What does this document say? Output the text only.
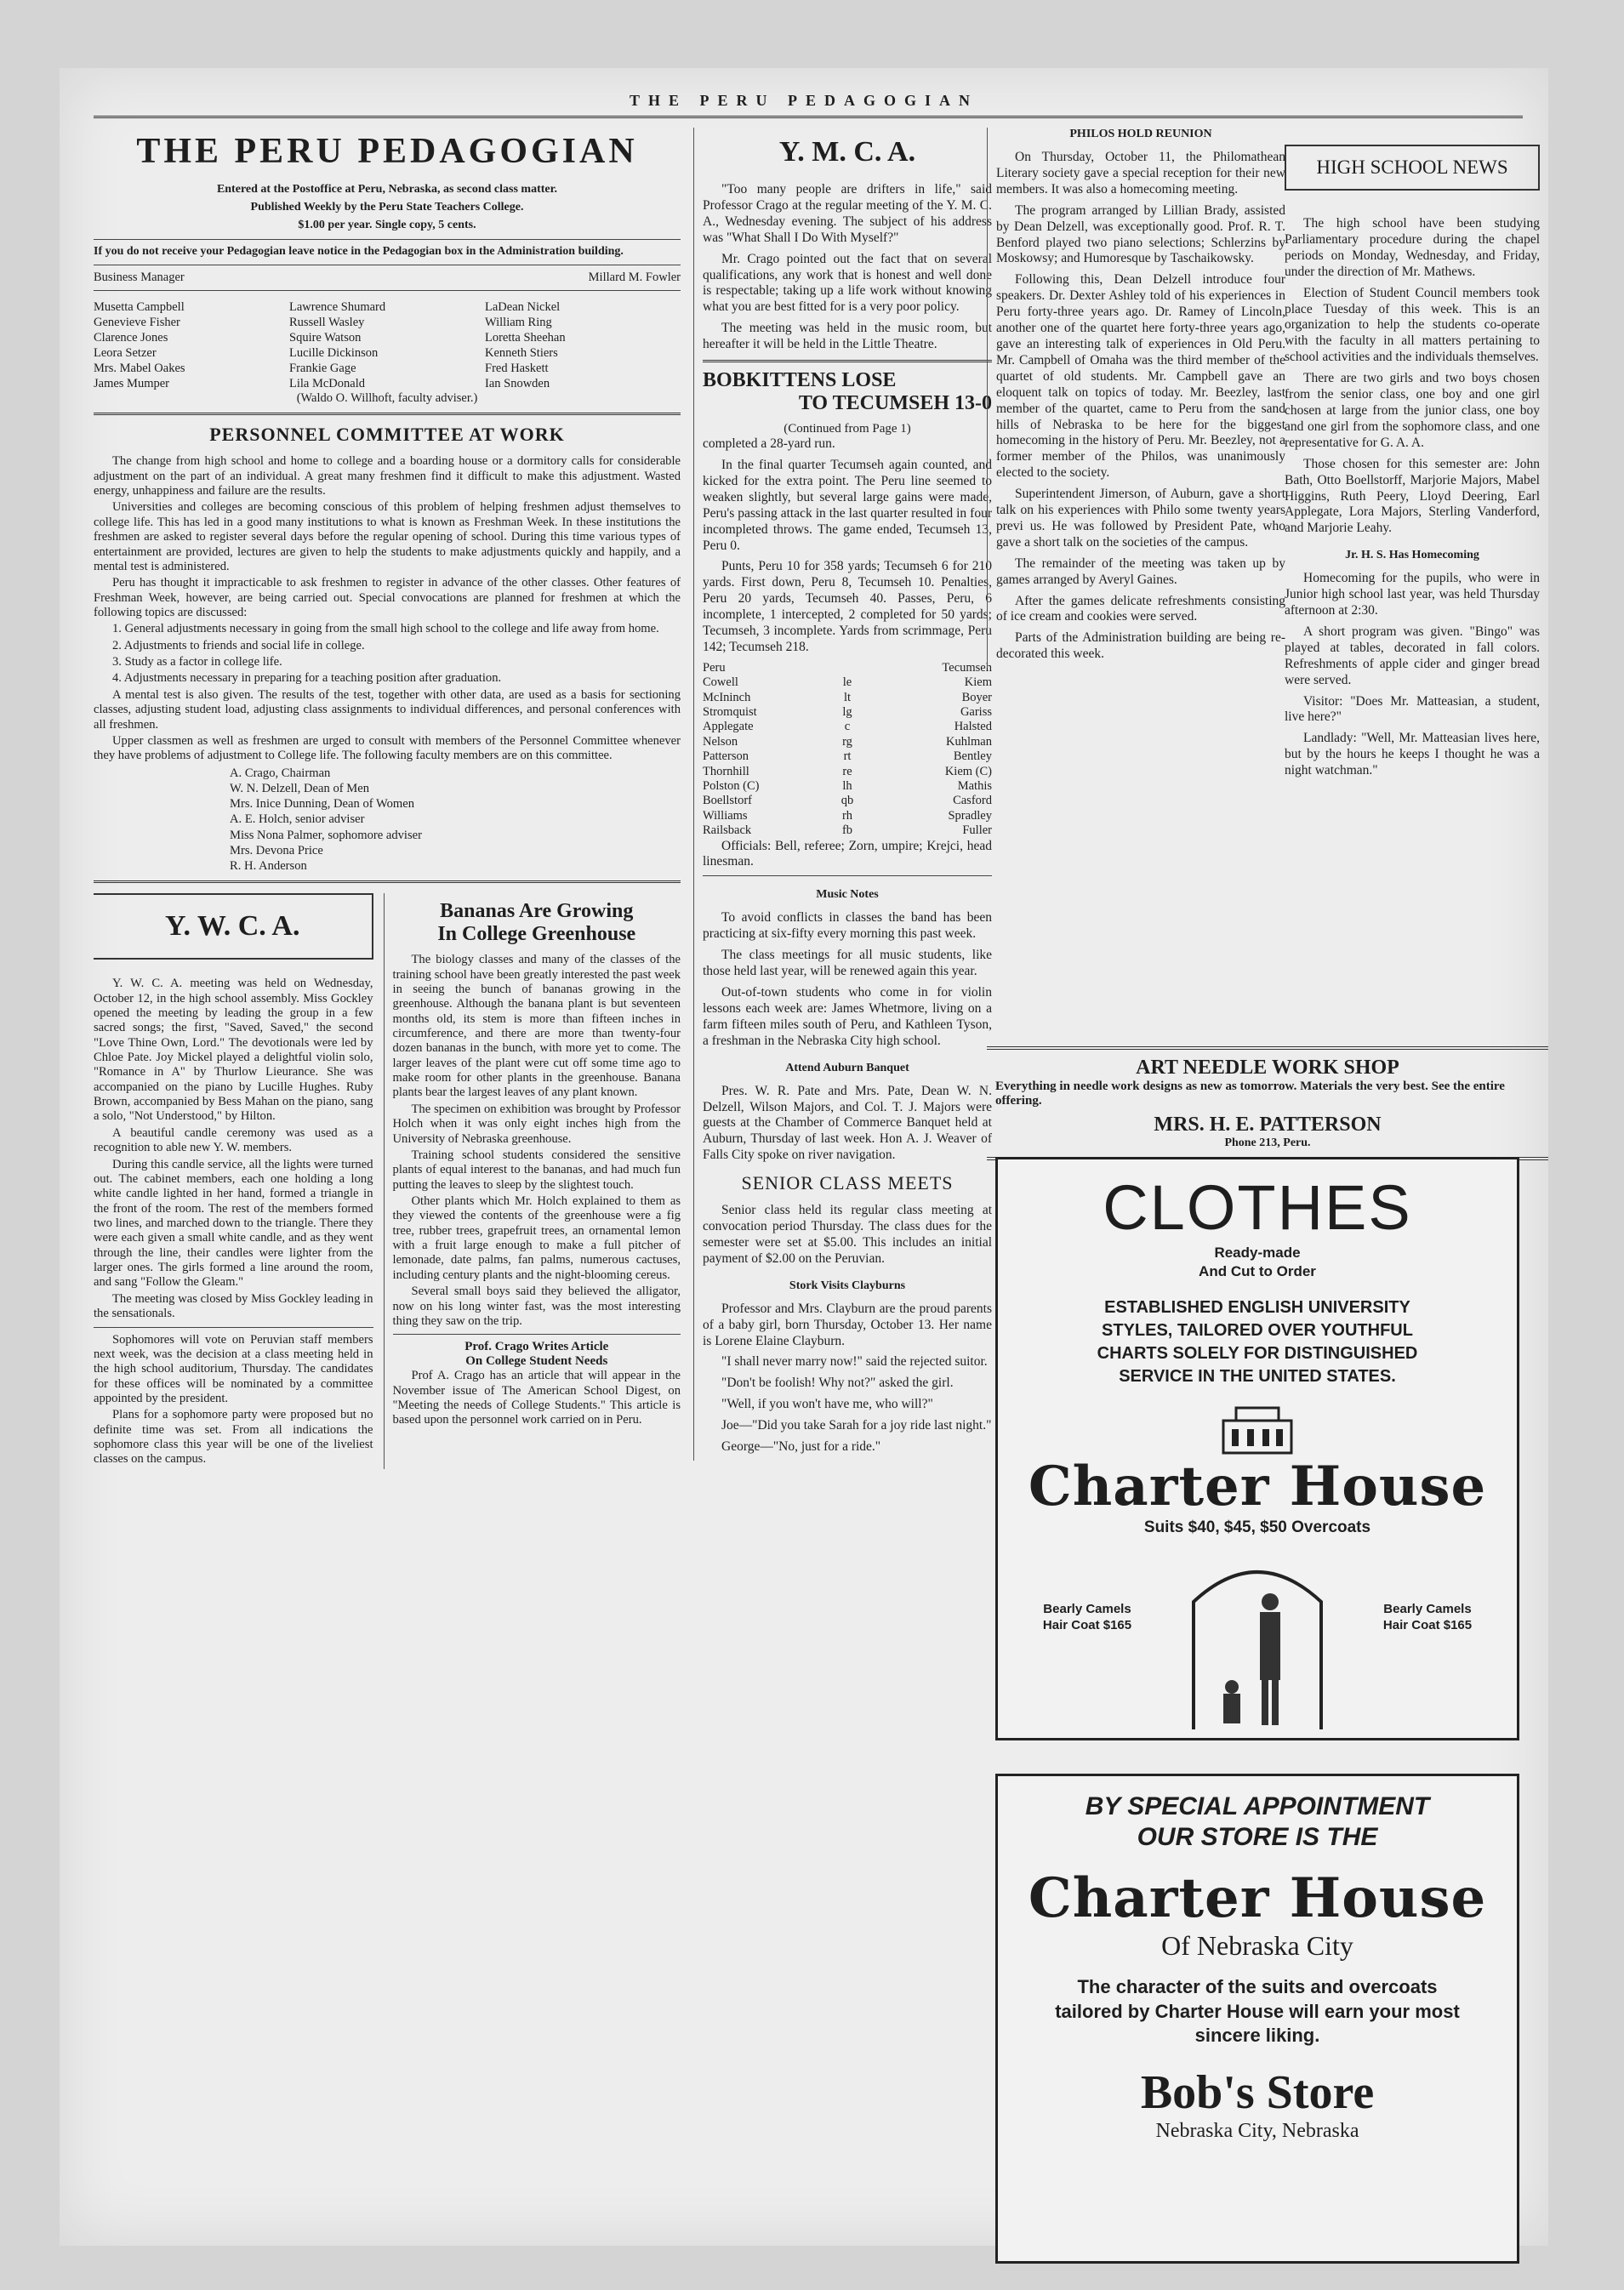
THE PERU PEDAGOGIAN
THE PERU PEDAGOGIAN
Entered at the Postoffice at Peru, Nebraska, as second class matter.
Published Weekly by the Peru State Teachers College.
$1.00 per year. Single copy, 5 cents.

If you do not receive your Pedagogian leave notice in the Pedagogian box in the Administration building.

Business Manager	Millard M. Fowler
Musetta Campbell	Lawrence Shumard	LaDean Nickel
Genevieve Fisher	Russell Wasley	William Ring
Clarence Jones	Squire Watson	Loretta Sheehan
Leora Setzer	Lucille Dickinson	Kenneth Stiers
Mrs. Mabel Oakes	Frankie Gage	Fred Haskett
James Mumper	Lila McDonald	Ian Snowden
(Waldo O. Willhoft, faculty adviser.)
PERSONNEL COMMITTEE AT WORK

The change from high school and home to college and a boarding house or a dormitory calls for considerable adjustment on the part of an individual. A great many freshmen find it difficult to make this adjustment. Wasted energy, unhappiness and failure are the results.

Universities and colleges are becoming conscious of this problem of helping freshmen adjust themselves to college life. This has led in a good many institutions to what is known as Freshman Week. In these institutions the freshmen are asked to register several days before the regular opening of school. During this time various types of entertainment are provided, lectures are given to help the students to make adjustments quickly and happily, and a mental test is administered.

Peru has thought it impracticable to ask freshmen to register in advance of the other classes. Other features of Freshman Week, however, are being carried out. Special convocations are planned for freshmen at which the following topics are discussed:

1. General adjustments necessary in going from the small high school to the college and life away from home.

2. Adjustments to friends and social life in college.

3. Study as a factor in college life.

4. Adjustments necessary in preparing for a teaching position after graduation.

A mental test is also given. The results of the test, together with other data, are used as a basis for sectioning classes, adjusting student load, adjusting class assignments to individual differences, and personal conferences with all freshmen.

Upper classmen as well as freshmen are urged to consult with members of the Personnel Committee whenever they have problems of adjustment to College life. The following faculty members are on this committee.

A. Crago, Chairman
W. N. Delzell, Dean of Men
Mrs. Inice Dunning, Dean of Women
A. E. Holch, senior adviser
Miss Nona Palmer, sophomore adviser
Mrs. Devona Price
R. H. Anderson
Y. W. C. A.

Y. W. C. A. meeting was held on Wednesday, October 12, in the high school assembly. Miss Gockley opened the meeting by leading the group in a few sacred songs; the first, "Saved, Saved," the second "Love Thine Own, Lord." The devotionals were led by Chloe Pate. Joy Mickel played a delightful violin solo, "Romance in A" by Thurlow Lieurance. She was accompanied on the piano by Lucille Hughes. Ruby Brown, accompanied by Bess Mahan on the piano, sang a solo, "Not Understood," by Hilton.

A beautiful candle ceremony was used as a recognition to able new Y. W. members.

During this candle service, all the lights were turned out. The cabinet members, each one holding a long white candle lighted in her hand, formed a triangle in the front of the room. The rest of the members formed two lines, and marched down to the triangle. There they were each given a small white candle, and as they went through the line, their candles were lighter from the larger ones. The girls formed a line around the room, and sang "Follow the Gleam."

The meeting was closed by Miss Gockley leading in the sensationals.

Sophomores will vote on Peruvian staff members next week, was the decision at a class meeting held in the high school auditorium, Thursday. The candidates for these offices will be nominated by a committee appointed by the president.

Plans for a sophomore party were proposed but no definite time was set. From all indications the sophomore class this year will be one of the liveliest classes on the campus.

Bananas Are Growing
In College Greenhouse

The biology classes and many of the classes of the training school have been greatly interested the past week in seeing the bunch of bananas growing in the greenhouse. Although the banana plant is but seventeen months old, its stem is more than fifteen inches in circumference, and there are more than twenty-four dozen bananas in the bunch, with more yet to come. The larger leaves of the plant were cut off some time ago to make room for other plants in the greenhouse. Banana plants bear the largest leaves of any plant known.

The specimen on exhibition was brought by Professor Holch when it was only eight inches high from the University of Nebraska greenhouse.

Training school students considered the sensitive plants of equal interest to the bananas, and had much fun putting the leaves to sleep by the slightest touch.

Other plants which Mr. Holch explained to them as they viewed the contents of the greenhouse were a fig tree, rubber trees, grapefruit trees, an ornamental lemon with a fruit large enough to make a full pitcher of lemonade, date palms, fan palms, numerous cactuses, including century plants and the night-blooming cereus.

Several small boys said they believed the alligator, now on his long winter fast, was the most interesting thing they saw on the trip.

Prof. Crago Writes Article
On College Student Needs

Prof A. Crago has an article that will appear in the November issue of The American School Digest, on "Meeting the needs of College Students." This article is based upon the personnel work carried on in Peru.

Y. M. C. A.

"Too many people are drifters in life," said Professor Crago at the regular meeting of the Y. M. C. A., Wednesday evening. The subject of his address was "What Shall I Do With Myself?"

Mr. Crago pointed out the fact that on several qualifications, any work that is honest and well done is respectable; taking up a life work without knowing what you are best fitted for is a very poor policy.

The meeting was held in the music room, but hereafter it will be held in the Little Theatre.

BOBKITTENS LOSE
TO TECUMSEH 13-0
(Continued from Page 1)

completed a 28-yard run.

In the final quarter Tecumseh again counted, and kicked for the extra point. The Peru line seemed to weaken slightly, but several large gains were made, Peru's passing attack in the last quarter resulted in four incompleted throws. The game ended, Tecumseh 13, Peru 0.

Punts, Peru 10 for 358 yards; Tecumseh 6 for 210 yards. First down, Peru 8, Tecumseh 10. Penalties, Peru 20 yards, Tecumseh 40. Passes, Peru, 6 incomplete, 1 intercepted, 2 completed for 50 yards; Tecumseh, 3 incomplete. Yards from scrimmage, Peru 142; Tecumseh 218.

Peru	Tecumseh
Cowell	le	Kiem
McIninch	lt	Boyer
Stromquist	lg	Gariss
Applegate	c	Halsted
Nelson	rg	Kuhlman
Patterson	rt	Bentley
Thornhill	re	Kiem (C)
Polston (C)	lh	Mathis
Boellstorf	qb	Casford
Williams	rh	Spradley
Railsback	fb	Fuller

Officials: Bell, referee; Zorn, umpire; Krejci, head linesman.

Music Notes

To avoid conflicts in classes the band has been practicing at six-fifty every morning this past week.

The class meetings for all music students, like those held last year, will be renewed again this year.

Out-of-town students who come in for violin lessons each week are: James Whetmore, living on a farm fifteen miles south of Peru, and Kathleen Tyson, a freshman in the Nebraska City high school.

Attend Auburn Banquet

Pres. W. R. Pate and Mrs. Pate, Dean W. N. Delzell, Wilson Majors, and Col. T. J. Majors were guests at the Chamber of Commerce Banquet held at Auburn, Thursday of last week. Hon A. J. Weaver of Falls City spoke on river navigation.

SENIOR CLASS MEETS

Senior class held its regular class meeting at convocation period Thursday. The class dues for the semester were set at $5.00. This includes an initial payment of $2.00 on the Peruvian.

Stork Visits Clayburns

Professor and Mrs. Clayburn are the proud parents of a baby girl, born Thursday, October 13. Her name is Lorene Elaine Clayburn.

"I shall never marry now!" said the rejected suitor.

"Don't be foolish! Why not?" asked the girl.

"Well, if you won't have me, who will?"

Joe—"Did you take Sarah for a joy ride last night."

George—"No, just for a ride."

PHILOS HOLD REUNION

On Thursday, October 11, the Philomathean Literary society gave a special reception for their new members. It was also a homecoming meeting.

The program arranged by Lillian Brady, assisted by Dean Delzell, was exceptionally good. Prof. R. T. Benford played two piano selections; Schlerzins by Moskowsy; and Humoresque by Taschaikowsky.

Following this, Dean Delzell introduce four speakers. Dr. Dexter Ashley told of his experiences in Peru forty-three years ago. Dr. Ramey of Lincoln, another one of the quartet here forty-three years ago, gave an interesting talk of experiences in Old Peru. Mr. Campbell of Omaha was the third member of the quartet of old students. Mr. Campbell gave an eloquent talk on topics of today. Mr. Beezley, last member of the quartet, came to Peru from the sand hills of Nebraska to be here for the biggest homecoming in the history of Peru. Mr. Beezley, not a former member of the Philos, was unanimously elected to the society.

Superintendent Jimerson, of Auburn, gave a short talk on his experiences with Philo some twenty years previ us. He was followed by President Pate, who gave a short talk on the societies of the campus.

The remainder of the meeting was taken up by games arranged by Averyl Gaines.

After the games delicate refreshments consisting of ice cream and cookies were served.

Parts of the Administration building are being re-decorated this week.

HIGH SCHOOL NEWS

The high school have been studying Parliamentary procedure during the chapel periods on Monday, Wednesday, and Friday, under the direction of Mr. Mathews.

Election of Student Council members took place Tuesday of this week. This is an organization to help the students co-operate with the faculty in all matters pertaining to school activities and the individuals themselves.

There are two girls and two boys chosen from the senior class, one boy and one girl chosen at large from the junior class, one boy and one girl from the sophomore class, and one representative for G. A. A.

Those chosen for this semester are: John Bath, Otto Boellstorff, Marjorie Majors, Mabel Higgins, Ruth Peery, Lloyd Deering, Earl Applegate, Lora Majors, Sterling Vanderford, and Marjorie Leahy.

Jr. H. S. Has Homecoming

Homecoming for the pupils, who were in Junior high school last year, was held Thursday afternoon at 2:30.

A short program was given. "Bingo" was played at tables, decorated in fall colors. Refreshments of apple cider and ginger bread were served.

Visitor: "Does Mr. Matteasian, a student, live here?"

Landlady: "Well, Mr. Matteasian lives here, but by the hours he keeps I thought he was a night watchman."

ART NEEDLE WORK SHOP
Everything in needle work designs as new as tomorrow. Materials the very best. See the entire offering.
MRS. H. E. PATTERSON
Phone 213, Peru.
CLOTHES
Ready-made
And Cut to Order
ESTABLISHED ENGLISH UNIVERSITY
STYLES, TAILORED OVER YOUTHFUL
CHARTS SOLELY FOR DISTINGUISHED
SERVICE IN THE UNITED STATES.
Charter House
Suits $40, $45, $50 Overcoats
Bearly Camels Hair Coat $165
Bearly Camels Hair Coat $165
BY SPECIAL APPOINTMENT
OUR STORE IS THE
Charter House
Of Nebraska City
The character of the suits and overcoats tailored by Charter House will earn your most sincere liking.
Bob's Store
Nebraska City, Nebraska
